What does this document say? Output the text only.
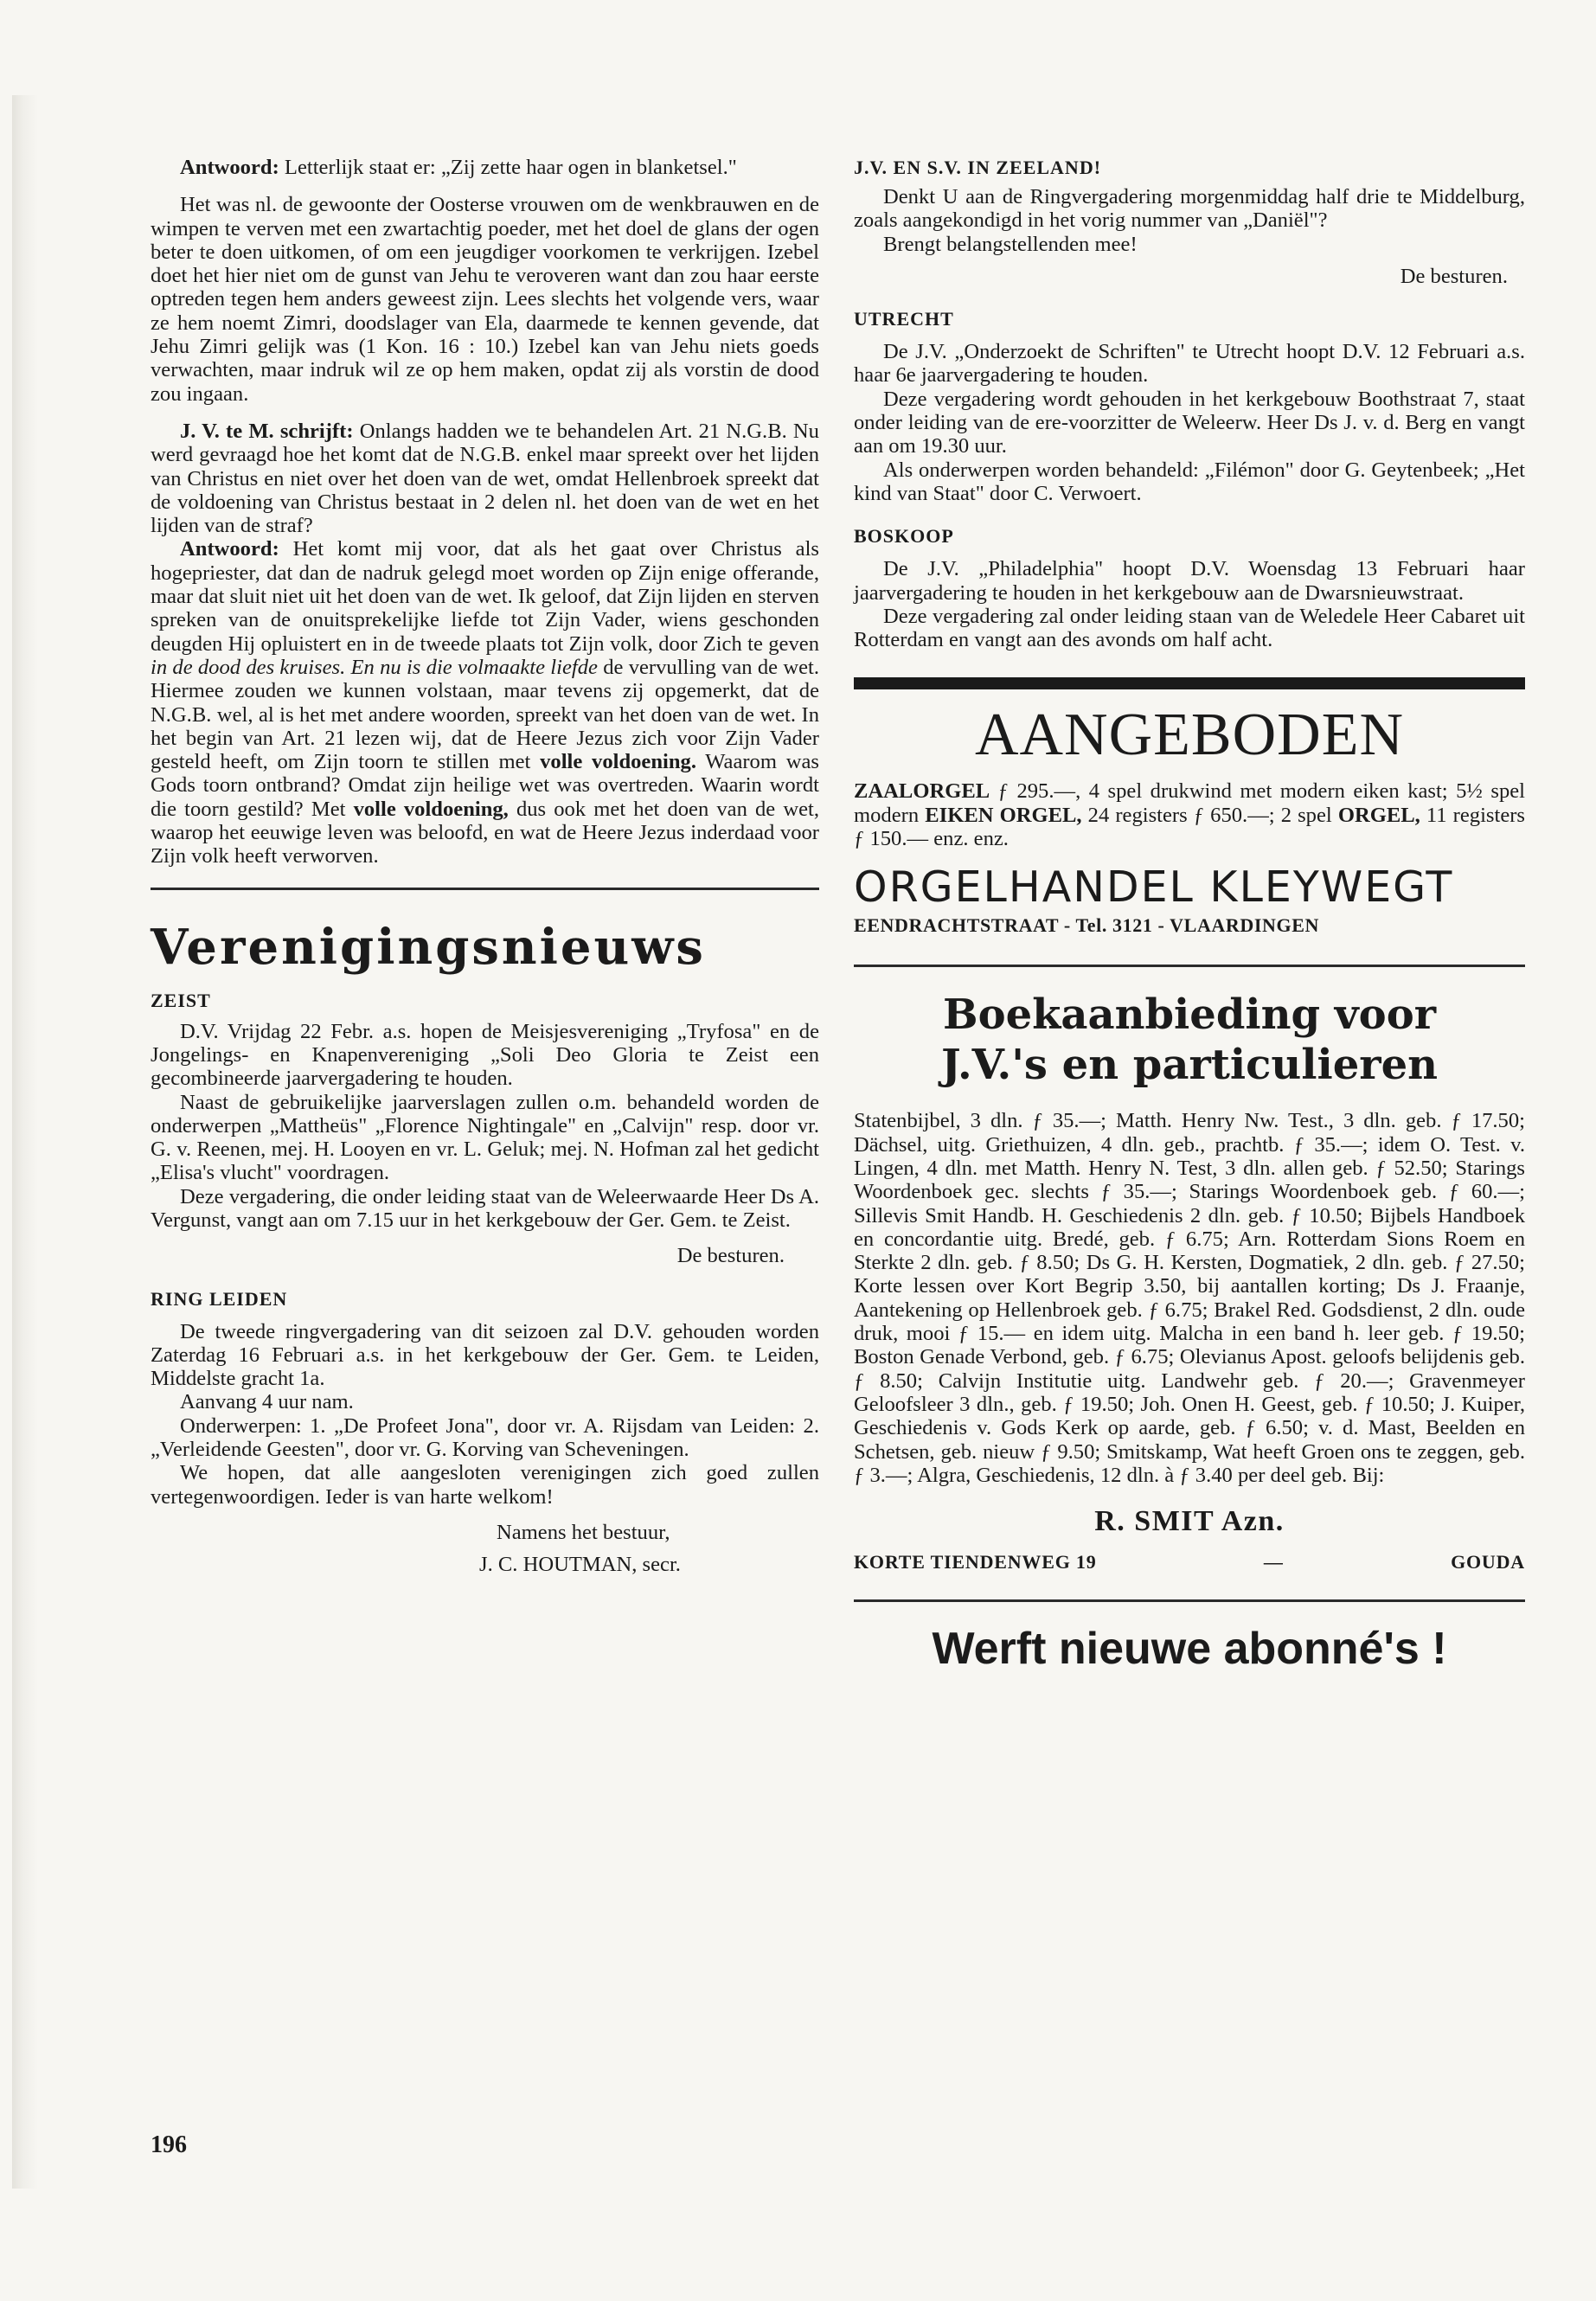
Antwoord: Letterlijk staat er: „Zij zette haar ogen in blanketsel."

Het was nl. de gewoonte der Oosterse vrouwen om de wenkbrauwen en de wimpen te verven met een zwartachtig poeder, met het doel de glans der ogen beter te doen uitkomen, of om een jeugdiger voorkomen te verkrijgen. Izebel doet het hier niet om de gunst van Jehu te veroveren want dan zou haar eerste optreden tegen hem anders geweest zijn. Lees slechts het volgende vers, waar ze hem noemt Zimri, doodslager van Ela, daarmede te kennen gevende, dat Jehu Zimri gelijk was (1 Kon. 16 : 10.) Izebel kan van Jehu niets goeds verwachten, maar indruk wil ze op hem maken, opdat zij als vorstin de dood zou ingaan.

J. V. te M. schrijft: Onlangs hadden we te behandelen Art. 21 N.G.B. Nu werd gevraagd hoe het komt dat de N.G.B. enkel maar spreekt over het lijden van Christus en niet over het doen van de wet, omdat Hellenbroek spreekt dat de voldoening van Christus bestaat in 2 delen nl. het doen van de wet en het lijden van de straf?

Antwoord: Het komt mij voor, dat als het gaat over Christus als hogepriester, dat dan de nadruk gelegd moet worden op Zijn enige offerande, maar dat sluit niet uit het doen van de wet. Ik geloof, dat Zijn lijden en sterven spreken van de onuitsprekelijke liefde tot Zijn Vader, wiens geschonden deugden Hij opluistert en in de tweede plaats tot Zijn volk, door Zich te geven in de dood des kruises. En nu is die volmaakte liefde de vervulling van de wet. Hiermee zouden we kunnen volstaan, maar tevens zij opgemerkt, dat de N.G.B. wel, al is het met andere woorden, spreekt van het doen van de wet. In het begin van Art. 21 lezen wij, dat de Heere Jezus zich voor Zijn Vader gesteld heeft, om Zijn toorn te stillen met volle voldoening. Waarom was Gods toorn ontbrand? Omdat zijn heilige wet was overtreden. Waarin wordt die toorn gestild? Met volle voldoening, dus ook met het doen van de wet, waarop het eeuwige leven was beloofd, en wat de Heere Jezus inderdaad voor Zijn volk heeft verworven.

Verenigingsnieuws
ZEIST

D.V. Vrijdag 22 Febr. a.s. hopen de Meisjesvereniging „Tryfosa" en de Jongelings- en Knapenvereniging „Soli Deo Gloria te Zeist een gecombineerde jaarvergadering te houden.

Naast de gebruikelijke jaarverslagen zullen o.m. behandeld worden de onderwerpen „Mattheüs" „Florence Nightingale" en „Calvijn" resp. door vr. G. v. Reenen, mej. H. Looyen en vr. L. Geluk; mej. N. Hofman zal het gedicht „Elisa's vlucht" voordragen.

Deze vergadering, die onder leiding staat van de Weleerwaarde Heer Ds A. Vergunst, vangt aan om 7.15 uur in het kerkgebouw der Ger. Gem. te Zeist.

De besturen.

RING LEIDEN

De tweede ringvergadering van dit seizoen zal D.V. gehouden worden Zaterdag 16 Februari a.s. in het kerkgebouw der Ger. Gem. te Leiden, Middelste gracht 1a.

Aanvang 4 uur nam.

Onderwerpen: 1. „De Profeet Jona", door vr. A. Rijsdam van Leiden: 2. „Verleidende Geesten", door vr. G. Korving van Scheveningen.

We hopen, dat alle aangesloten verenigingen zich goed zullen vertegenwoordigen. Ieder is van harte welkom!

Namens het bestuur,

J. C. HOUTMAN, secr.

196
J.V. EN S.V. IN ZEELAND!

Denkt U aan de Ringvergadering morgenmiddag half drie te Middelburg, zoals aangekondigd in het vorig nummer van „Daniël"?

Brengt belangstellenden mee!

De besturen.

UTRECHT

De J.V. „Onderzoekt de Schriften" te Utrecht hoopt D.V. 12 Februari a.s. haar 6e jaarvergadering te houden.

Deze vergadering wordt gehouden in het kerkgebouw Boothstraat 7, staat onder leiding van de ere-voorzitter de Weleerw. Heer Ds J. v. d. Berg en vangt aan om 19.30 uur.

Als onderwerpen worden behandeld: „Filémon" door G. Geytenbeek; „Het kind van Staat" door C. Verwoert.

BOSKOOP

De J.V. „Philadelphia" hoopt D.V. Woensdag 13 Februari haar jaarvergadering te houden in het kerkgebouw aan de Dwarsnieuwstraat.

Deze vergadering zal onder leiding staan van de Weledele Heer Cabaret uit Rotterdam en vangt aan des avonds om half acht.

AANGEBODEN

ZAALORGEL ƒ 295.—, 4 spel drukwind met modern eiken kast; 5½ spel modern EIKEN ORGEL, 24 registers ƒ 650.—; 2 spel ORGEL, 11 registers ƒ 150.— enz. enz.

ORGELHANDEL KLEYWEGT
EENDRACHTSTRAAT - Tel. 3121 - VLAARDINGEN
Boekaanbieding voor
J.V.'s en particulieren

Statenbijbel, 3 dln. ƒ 35.—; Matth. Henry Nw. Test., 3 dln. geb. ƒ 17.50; Dächsel, uitg. Griethuizen, 4 dln. geb., prachtb. ƒ 35.—; idem O. Test. v. Lingen, 4 dln. met Matth. Henry N. Test, 3 dln. allen geb. ƒ 52.50; Starings Woordenboek gec. slechts ƒ 35.—; Starings Woordenboek geb. ƒ 60.—; Sillevis Smit Handb. H. Geschiedenis 2 dln. geb. ƒ 10.50; Bijbels Handboek en concordantie uitg. Bredé, geb. ƒ 6.75; Arn. Rotterdam Sions Roem en Sterkte 2 dln. geb. ƒ 8.50; Ds G. H. Kersten, Dogmatiek, 2 dln. geb. ƒ 27.50; Korte lessen over Kort Begrip 3.50, bij aantallen korting; Ds J. Fraanje, Aantekening op Hellenbroek geb. ƒ 6.75; Brakel Red. Godsdienst, 2 dln. oude druk, mooi ƒ 15.— en idem uitg. Malcha in een band h. leer geb. ƒ 19.50; Boston Genade Verbond, geb. ƒ 6.75; Olevianus Apost. geloofs belijdenis geb. ƒ 8.50; Calvijn Institutie uitg. Landwehr geb. ƒ 20.—; Gravenmeyer Geloofsleer 3 dln., geb. ƒ 19.50; Joh. Onen H. Geest, geb. ƒ 10.50; J. Kuiper, Geschiedenis v. Gods Kerk op aarde, geb. ƒ 6.50; v. d. Mast, Beelden en Schetsen, geb. nieuw ƒ 9.50; Smitskamp, Wat heeft Groen ons te zeggen, geb. ƒ 3.—; Algra, Geschiedenis, 12 dln. à ƒ 3.40 per deel geb. Bij:

R. SMIT Azn.
KORTE TIENDENWEG 19	—	GOUDA
Werft nieuwe abonné's !
